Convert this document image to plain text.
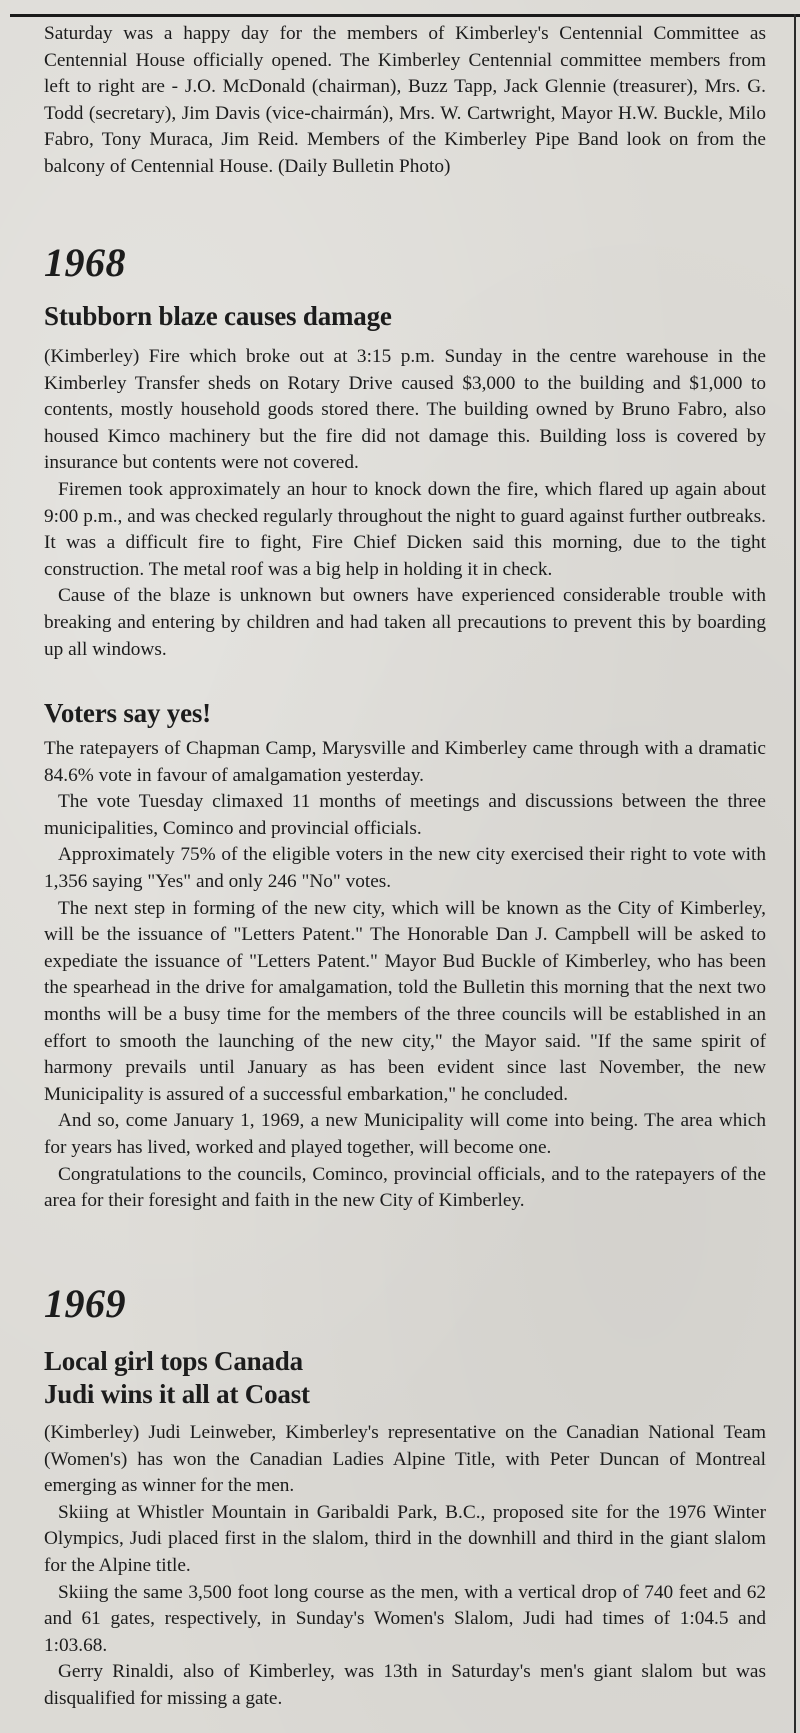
Saturday was a happy day for the members of Kimberley's Centennial Committee as Centennial House officially opened. The Kimberley Centennial committee members from left to right are - J.O. McDonald (chairman), Buzz Tapp, Jack Glennie (treasurer), Mrs. G. Todd (secretary), Jim Davis (vice-chairmán), Mrs. W. Cartwright, Mayor H.W. Buckle, Milo Fabro, Tony Muraca, Jim Reid. Members of the Kimberley Pipe Band look on from the balcony of Centennial House. (Daily Bulletin Photo)

1968
Stubborn blaze causes damage

(Kimberley) Fire which broke out at 3:15 p.m. Sunday in the centre warehouse in the Kimberley Transfer sheds on Rotary Drive caused $3,000 to the building and $1,000 to contents, mostly household goods stored there. The building owned by Bruno Fabro, also housed Kimco machinery but the fire did not damage this. Building loss is covered by insurance but contents were not covered.

Firemen took approximately an hour to knock down the fire, which flared up again about 9:00 p.m., and was checked regularly throughout the night to guard against further outbreaks. It was a difficult fire to fight, Fire Chief Dicken said this morning, due to the tight construction. The metal roof was a big help in holding it in check.

Cause of the blaze is unknown but owners have experienced considerable trouble with breaking and entering by children and had taken all precautions to prevent this by boarding up all windows.

Voters say yes!

The ratepayers of Chapman Camp, Marysville and Kimberley came through with a dramatic 84.6% vote in favour of amalgamation yesterday.

The vote Tuesday climaxed 11 months of meetings and discussions between the three municipalities, Cominco and provincial officials.

Approximately 75% of the eligible voters in the new city exercised their right to vote with 1,356 saying "Yes" and only 246 "No" votes.

The next step in forming of the new city, which will be known as the City of Kimberley, will be the issuance of "Letters Patent." The Honorable Dan J. Campbell will be asked to expediate the issuance of "Letters Patent." Mayor Bud Buckle of Kimberley, who has been the spearhead in the drive for amalgamation, told the Bulletin this morning that the next two months will be a busy time for the members of the three councils will be established in an effort to smooth the launching of the new city," the Mayor said. "If the same spirit of harmony prevails until January as has been evident since last November, the new Municipality is assured of a successful embarkation," he concluded.

And so, come January 1, 1969, a new Municipality will come into being. The area which for years has lived, worked and played together, will become one.

Congratulations to the councils, Cominco, provincial officials, and to the ratepayers of the area for their foresight and faith in the new City of Kimberley.

1969
Local girl tops Canada
Judi wins it all at Coast

(Kimberley) Judi Leinweber, Kimberley's representative on the Canadian National Team (Women's) has won the Canadian Ladies Alpine Title, with Peter Duncan of Montreal emerging as winner for the men.

Skiing at Whistler Mountain in Garibaldi Park, B.C., proposed site for the 1976 Winter Olympics, Judi placed first in the slalom, third in the downhill and third in the giant slalom for the Alpine title.

Skiing the same 3,500 foot long course as the men, with a vertical drop of 740 feet and 62 and 61 gates, respectively, in Sunday's Women's Slalom, Judi had times of 1:04.5 and 1:03.68.

Gerry Rinaldi, also of Kimberley, was 13th in Saturday's men's giant slalom but was disqualified for missing a gate.
